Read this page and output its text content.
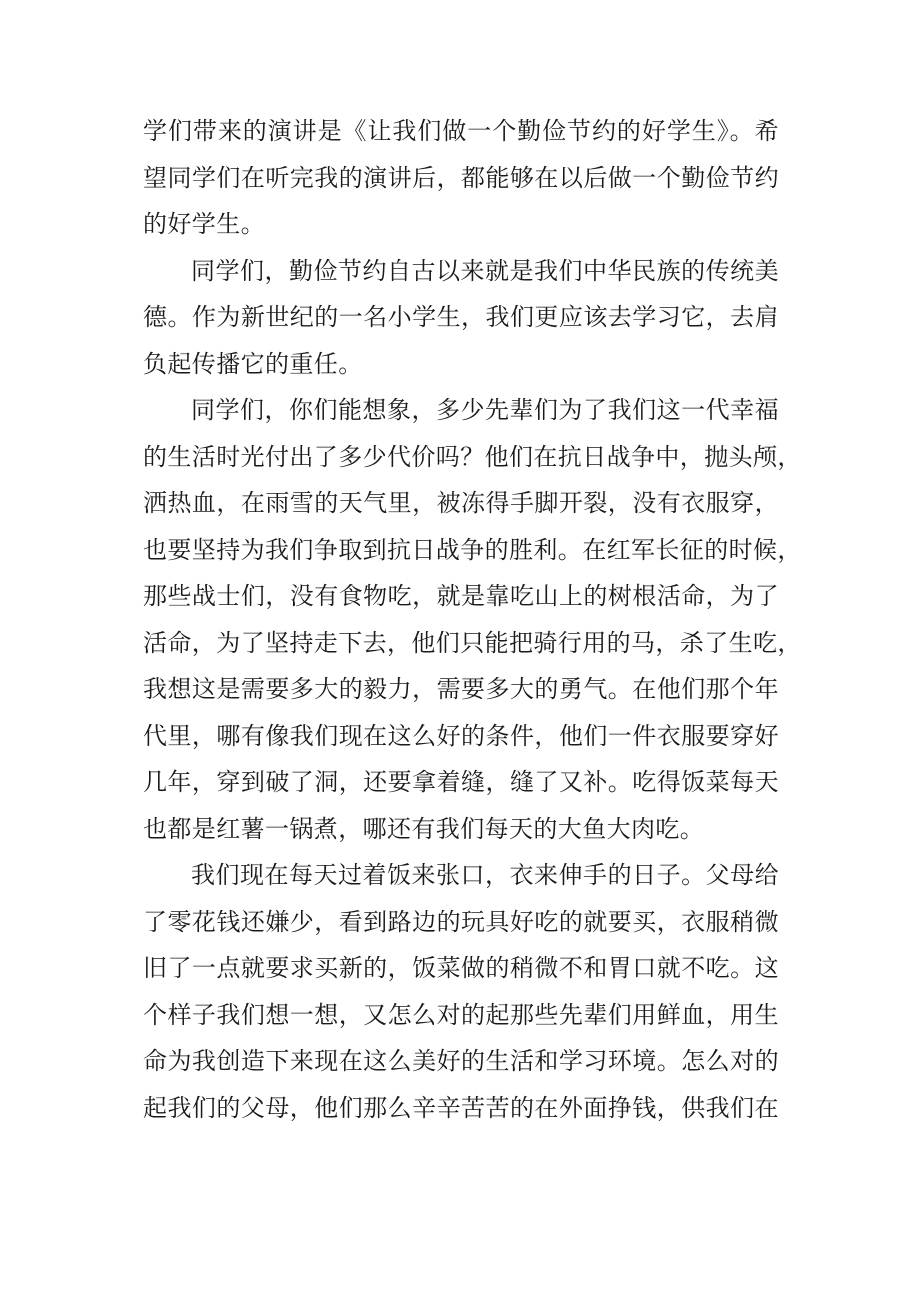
学们带来的演讲是《让我们做一个勤俭节约的好学生》。希
望同学们在听完我的演讲后，都能够在以后做一个勤俭节约
的好学生。

同学们，勤俭节约自古以来就是我们中华民族的传统美
德。作为新世纪的一名小学生，我们更应该去学习它，去肩
负起传播它的重任。

同学们，你们能想象，多少先辈们为了我们这一代幸福
的生活时光付出了多少代价吗？他们在抗日战争中，抛头颅，
洒热血，在雨雪的天气里，被冻得手脚开裂，没有衣服穿，
也要坚持为我们争取到抗日战争的胜利。在红军长征的时候，
那些战士们，没有食物吃，就是靠吃山上的树根活命，为了
活命，为了坚持走下去，他们只能把骑行用的马，杀了生吃，
我想这是需要多大的毅力，需要多大的勇气。在他们那个年
代里，哪有像我们现在这么好的条件，他们一件衣服要穿好
几年，穿到破了洞，还要拿着缝，缝了又补。吃得饭菜每天
也都是红薯一锅煮，哪还有我们每天的大鱼大肉吃。

我们现在每天过着饭来张口，衣来伸手的日子。父母给
了零花钱还嫌少，看到路边的玩具好吃的就要买，衣服稍微
旧了一点就要求买新的，饭菜做的稍微不和胃口就不吃。这
个样子我们想一想，又怎么对的起那些先辈们用鲜血，用生
命为我创造下来现在这么美好的生活和学习环境。怎么对的
起我们的父母，他们那么辛辛苦苦的在外面挣钱，供我们在
